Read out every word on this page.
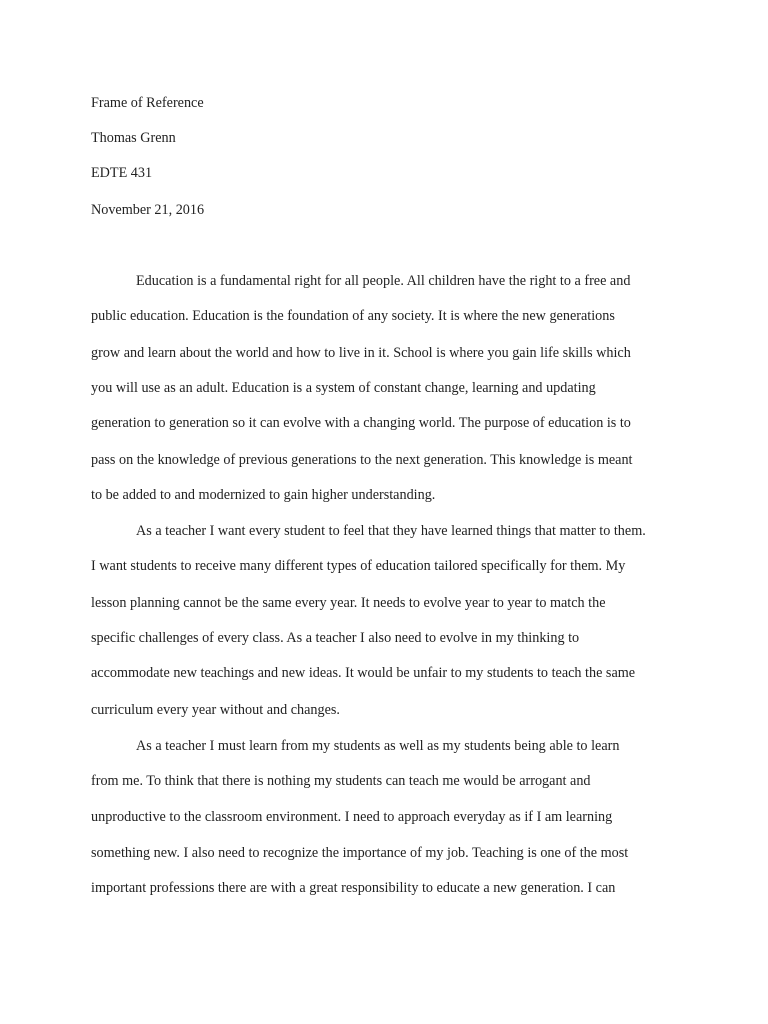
Frame of Reference
Thomas Grenn
EDTE 431
November 21, 2016
Education is a fundamental right for all people. All children have the right to a free and
public education. Education is the foundation of any society. It is where the new generations
grow and learn about the world and how to live in it. School is where you gain life skills which
you will use as an adult. Education is a system of constant change, learning and updating
generation to generation so it can evolve with a changing world. The purpose of education is to
pass on the knowledge of previous generations to the next generation. This knowledge is meant
to be added to and modernized to gain higher understanding.
As a teacher I want every student to feel that they have learned things that matter to them.
I want students to receive many different types of education tailored specifically for them. My
lesson planning cannot be the same every year. It needs to evolve year to year to match the
specific challenges of every class. As a teacher I also need to evolve in my thinking to
accommodate new teachings and new ideas. It would be unfair to my students to teach the same
curriculum every year without and changes.
As a teacher I must learn from my students as well as my students being able to learn
from me. To think that there is nothing my students can teach me would be arrogant and
unproductive to the classroom environment. I need to approach everyday as if I am learning
something new. I also need to recognize the importance of my job. Teaching is one of the most
important professions there are with a great responsibility to educate a new generation. I can
